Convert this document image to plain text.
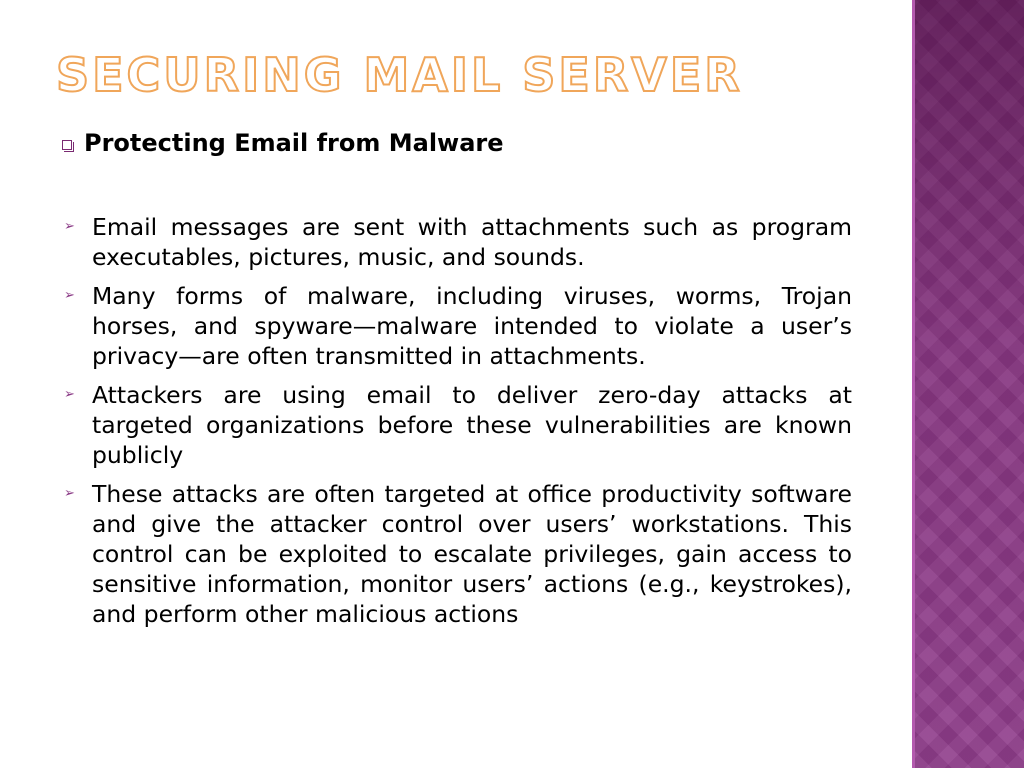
SECURING MAIL SERVER
Protecting Email from Malware
➢ Email messages are sent with attachments such as program executables, pictures, music, and sounds.
➢ Many forms of malware, including viruses, worms, Trojan horses, and spyware—malware intended to violate a user’s privacy—are often transmitted in attachments.
➢ Attackers are using email to deliver zero-day attacks at targeted organizations before these vulnerabilities are known publicly
➢ These attacks are often targeted at office productivity software and give the attacker control over users’ workstations. This control can be exploited to escalate privileges, gain access to sensitive information, monitor users’ actions (e.g., keystrokes), and perform other malicious actions
